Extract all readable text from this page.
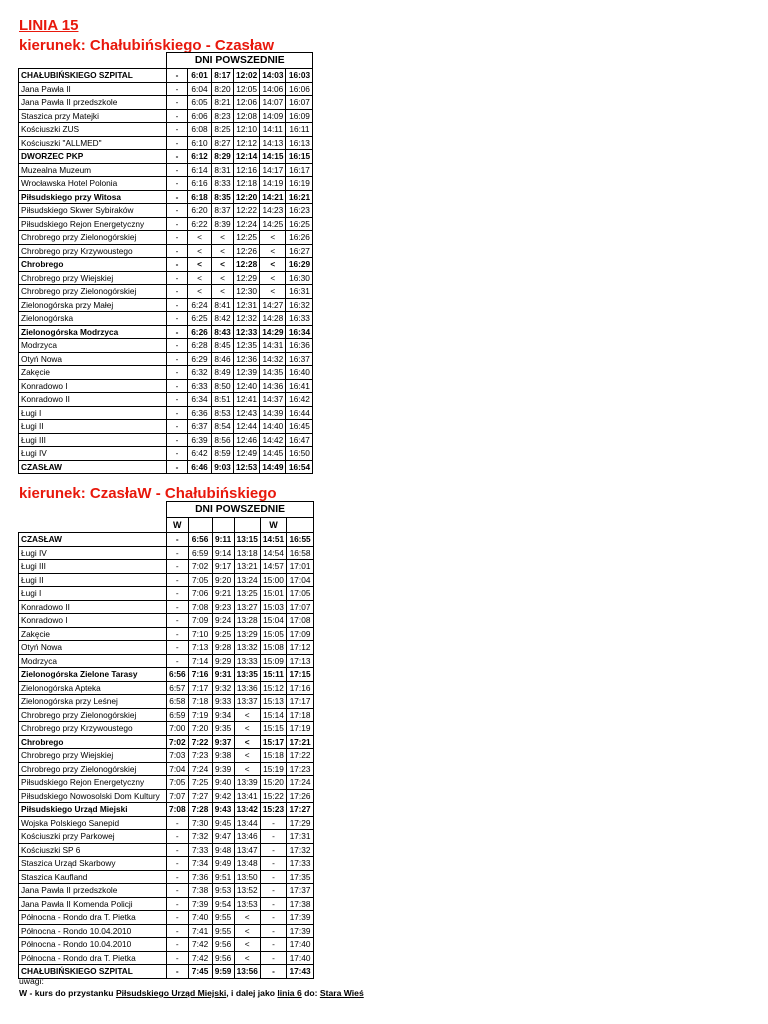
LINIA 15
kierunek: Chałubińskiego - Czasław
	DNI POWSZEDNIE					
CHAŁUBIŃSKIEGO SZPITAL	-	6:01	8:17	12:02	14:03	16:03
Jana Pawła II	-	6:04	8:20	12:05	14:06	16:06
Jana Pawła II przedszkole	-	6:05	8:21	12:06	14:07	16:07
Staszica przy Matejki	-	6:06	8:23	12:08	14:09	16:09
Kościuszki ZUS	-	6:08	8:25	12:10	14:11	16:11
Kościuszki "ALLMED"	-	6:10	8:27	12:12	14:13	16:13
DWORZEC PKP	-	6:12	8:29	12:14	14:15	16:15
Muzealna Muzeum	-	6:14	8:31	12:16	14:17	16:17
Wrocławska Hotel Polonia	-	6:16	8:33	12:18	14:19	16:19
Piłsudskiego przy Witosa	-	6:18	8:35	12:20	14:21	16:21
Piłsudskiego Skwer Sybiraków	-	6:20	8:37	12:22	14:23	16:23
Piłsudskiego Rejon Energetyczny	-	6:22	8:39	12:24	14:25	16:25
Chrobrego przy Zielonogórskiej	-	<	<	12:25	<	16:26
Chrobrego przy Krzywoustego	-	<	<	12:26	<	16:27
Chrobrego	-	<	<	12:28	<	16:29
Chrobrego przy Wiejskiej	-	<	<	12:29	<	16:30
Chrobrego przy Zielonogórskiej	-	<	<	12:30	<	16:31
Zielonogórska przy Małej	-	6:24	8:41	12:31	14:27	16:32
Zielonogórska	-	6:25	8:42	12:32	14:28	16:33
Zielonogórska Modrzyca	-	6:26	8:43	12:33	14:29	16:34
Modrzyca	-	6:28	8:45	12:35	14:31	16:36
Otyń Nowa	-	6:29	8:46	12:36	14:32	16:37
Zakęcie	-	6:32	8:49	12:39	14:35	16:40
Konradowo I	-	6:33	8:50	12:40	14:36	16:41
Konradowo II	-	6:34	8:51	12:41	14:37	16:42
Ługi I	-	6:36	8:53	12:43	14:39	16:44
Ługi II	-	6:37	8:54	12:44	14:40	16:45
Ługi III	-	6:39	8:56	12:46	14:42	16:47
Ługi IV	-	6:42	8:59	12:49	14:45	16:50
CZASŁAW	-	6:46	9:03	12:53	14:49	16:54
kierunek: CzasłaW - Chałubińskiego
	DNI POWSZEDNIE					
	W				W	
CZASŁAW	-	6:56	9:11	13:15	14:51	16:55
Ługi IV	-	6:59	9:14	13:18	14:54	16:58
Ługi III	-	7:02	9:17	13:21	14:57	17:01
Ługi II	-	7:05	9:20	13:24	15:00	17:04
Ługi I	-	7:06	9:21	13:25	15:01	17:05
Konradowo II	-	7:08	9:23	13:27	15:03	17:07
Konradowo I	-	7:09	9:24	13:28	15:04	17:08
Zakęcie	-	7:10	9:25	13:29	15:05	17:09
Otyń Nowa	-	7:13	9:28	13:32	15:08	17:12
Modrzyca	-	7:14	9:29	13:33	15:09	17:13
Zielonogórska Zielone Tarasy	6:56	7:16	9:31	13:35	15:11	17:15
Zielonogórska Apteka	6:57	7:17	9:32	13:36	15:12	17:16
Zielonogórska przy Leśnej	6:58	7:18	9:33	13:37	15:13	17:17
Chrobrego przy Zielonogórskiej	6:59	7:19	9:34	<	15:14	17:18
Chrobrego przy Krzywoustego	7:00	7:20	9:35	<	15:15	17:19
Chrobrego	7:02	7:22	9:37	<	15:17	17:21
Chrobrego przy Wiejskiej	7:03	7:23	9:38	<	15:18	17:22
Chrobrego przy Zielonogórskiej	7:04	7:24	9:39	<	15:19	17:23
Piłsudskiego Rejon Energetyczny	7:05	7:25	9:40	13:39	15:20	17:24
Piłsudskiego Nowosolski Dom Kultury	7:07	7:27	9:42	13:41	15:22	17:26
Piłsudskiego Urząd Miejski	7:08	7:28	9:43	13:42	15:23	17:27
Wojska Polskiego Sanepid	-	7:30	9:45	13:44	-	17:29
Kościuszki przy Parkowej	-	7:32	9:47	13:46	-	17:31
Kościuszki SP 6	-	7:33	9:48	13:47	-	17:32
Staszica Urząd Skarbowy	-	7:34	9:49	13:48	-	17:33
Staszica Kaufland	-	7:36	9:51	13:50	-	17:35
Jana Pawła II przedszkole	-	7:38	9:53	13:52	-	17:37
Jana Pawła II Komenda Policji	-	7:39	9:54	13:53	-	17:38
Północna - Rondo dra T. Pietka	-	7:40	9:55	<	-	17:39
Północna - Rondo 10.04.2010	-	7:41	9:55	<	-	17:39
Północna - Rondo 10.04.2010	-	7:42	9:56	<	-	17:40
Północna - Rondo dra T. Pietka	-	7:42	9:56	<	-	17:40
CHAŁUBIŃSKIEGO SZPITAL	-	7:45	9:59	13:56	-	17:43
uwagi:
W - kurs do przystanku Piłsudskiego Urząd Miejski, i dalej jako linia 6 do: Stara Wieś
